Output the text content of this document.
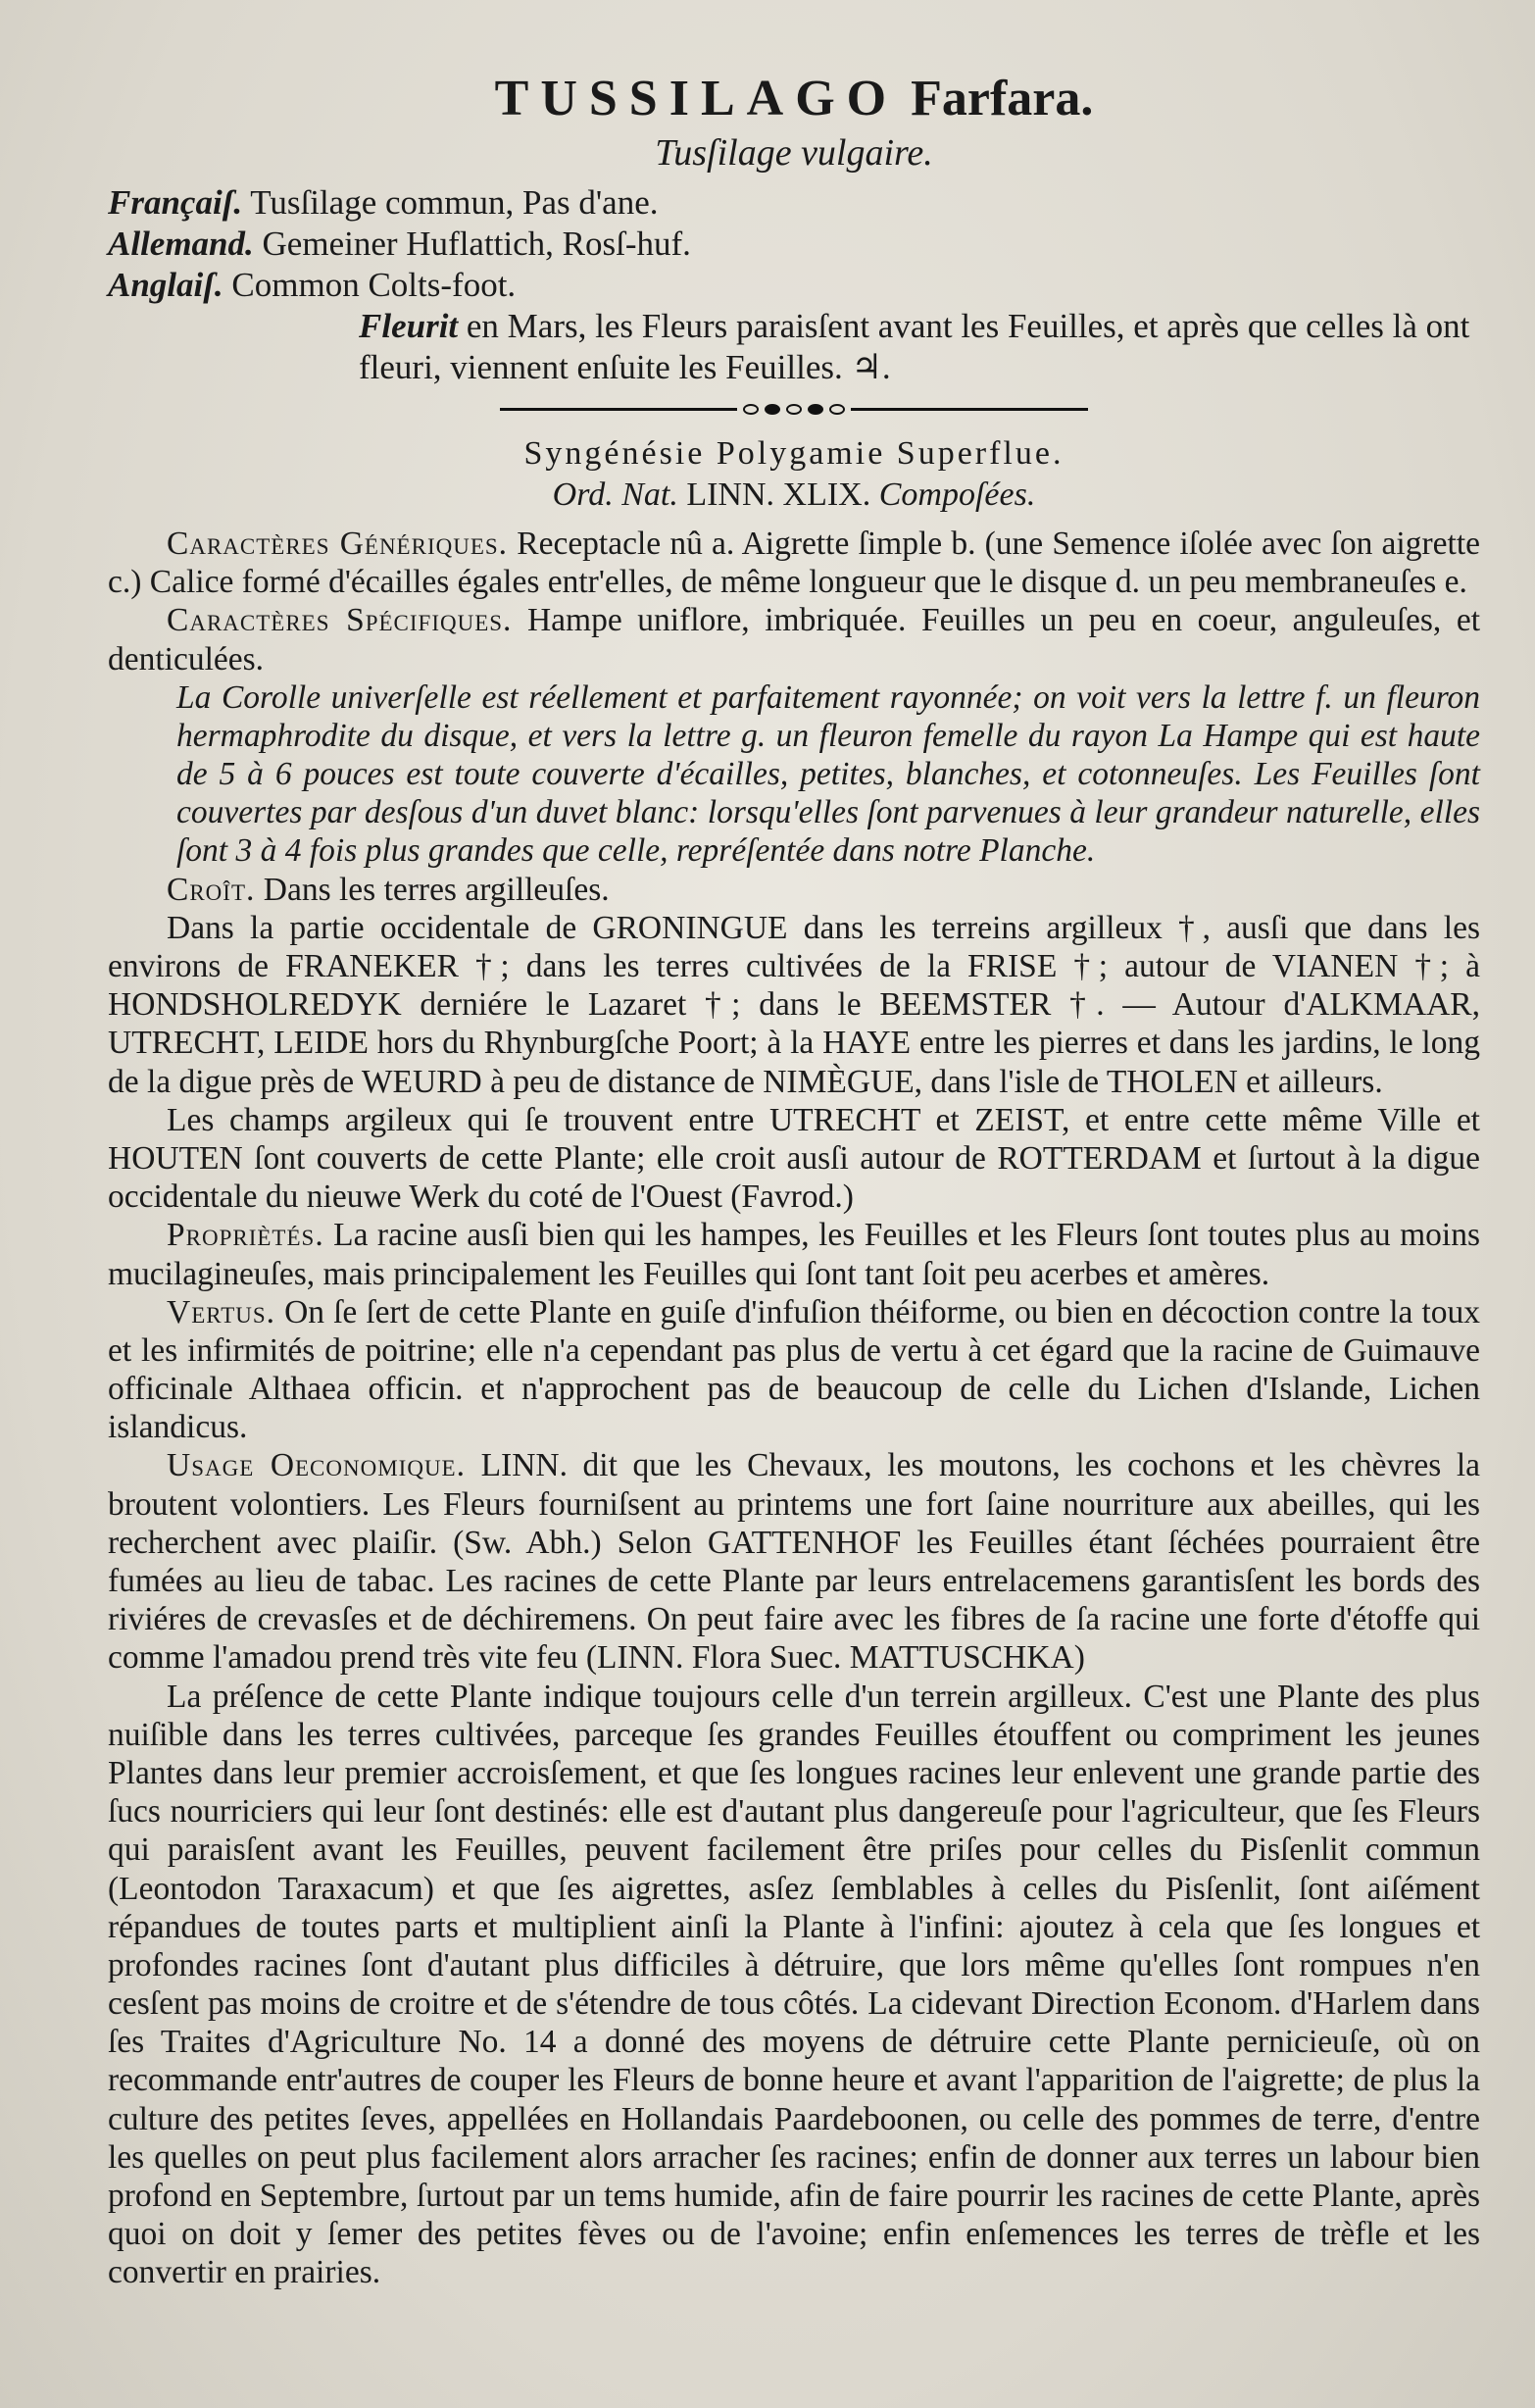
TUSSILAGO Farfara.
Tusſilage vulgaire.
Françaiſ. Tusſilage commun, Pas d'ane.
Allemand. Gemeiner Huflattich, Rosſ-huf.
Anglaiſ. Common Colts-foot.
Fleurit en Mars, les Fleurs paraisſent avant les Feuilles, et après que celles là ont fleuri, viennent enſuite les Feuilles. ♃.
Syngénésie Polygamie Superflue.
Ord. Nat. LINN. XLIX. Compoſées.

Caractères Génériques. Receptacle nû a. Aigrette ſimple b. (une Semence iſolée avec ſon aigrette c.) Calice formé d'écailles égales entr'elles, de même longueur que le disque d. un peu membraneuſes e.

Caractères Spécifiques. Hampe uniflore, imbriquée. Feuilles un peu en coeur, anguleuſes, et denticulées.

La Corolle univerſelle est réellement et parfaitement rayonnée; on voit vers la lettre f. un fleuron hermaphrodite du disque, et vers la lettre g. un fleuron femelle du rayon La Hampe qui est haute de 5 à 6 pouces est toute couverte d'écailles, petites, blanches, et cotonneuſes. Les Feuilles ſont couvertes par desſous d'un duvet blanc: lorsqu'elles ſont parvenues à leur grandeur naturelle, elles ſont 3 à 4 fois plus grandes que celle, repréſentée dans notre Planche.

Croît. Dans les terres argilleuſes.

Dans la partie occidentale de GRONINGUE dans les terreins argilleux †, ausſi que dans les environs de FRANEKER †; dans les terres cultivées de la FRISE †; autour de VIANEN †; à HONDSHOLREDYK derniére le Lazaret †; dans le BEEMSTER †. — Autour d'ALKMAAR, UTRECHT, LEIDE hors du Rhynburgſche Poort; à la HAYE entre les pierres et dans les jardins, le long de la digue près de WEURD à peu de distance de NIMÈGUE, dans l'isle de THOLEN et ailleurs.

Les champs argileux qui ſe trouvent entre UTRECHT et ZEIST, et entre cette même Ville et HOUTEN ſont couverts de cette Plante; elle croit ausſi autour de ROTTERDAM et ſurtout à la digue occidentale du nieuwe Werk du coté de l'Ouest (Favrod.)

Propriètés. La racine ausſi bien qui les hampes, les Feuilles et les Fleurs ſont toutes plus au moins mucilagineuſes, mais principalement les Feuilles qui ſont tant ſoit peu acerbes et amères.

Vertus. On ſe ſert de cette Plante en guiſe d'infuſion théiforme, ou bien en décoction contre la toux et les infirmités de poitrine; elle n'a cependant pas plus de vertu à cet égard que la racine de Guimauve officinale Althaea officin. et n'approchent pas de beaucoup de celle du Lichen d'Islande, Lichen islandicus.

Usage Oeconomique. LINN. dit que les Chevaux, les moutons, les cochons et les chèvres la broutent volontiers. Les Fleurs fourniſsent au printems une fort ſaine nourriture aux abeilles, qui les recherchent avec plaiſir. (Sw. Abh.) Selon GATTENHOF les Feuilles étant ſéchées pourraient être fumées au lieu de tabac. Les racines de cette Plante par leurs entrelacemens garantisſent les bords des riviéres de crevasſes et de déchiremens. On peut faire avec les fibres de ſa racine une forte d'étoffe qui comme l'amadou prend très vite feu (LINN. Flora Suec. MATTUSCHKA)

La préſence de cette Plante indique toujours celle d'un terrein argilleux. C'est une Plante des plus nuiſible dans les terres cultivées, parceque ſes grandes Feuilles étouffent ou compriment les jeunes Plantes dans leur premier accroisſement, et que ſes longues racines leur enlevent une grande partie des ſucs nourriciers qui leur ſont destinés: elle est d'autant plus dangereuſe pour l'agriculteur, que ſes Fleurs qui paraisſent avant les Feuilles, peuvent facilement être priſes pour celles du Pisſenlit commun (Leontodon Taraxacum) et que ſes aigrettes, asſez ſemblables à celles du Pisſenlit, ſont aiſément répandues de toutes parts et multiplient ainſi la Plante à l'infini: ajoutez à cela que ſes longues et profondes racines ſont d'autant plus difficiles à détruire, que lors même qu'elles ſont rompues n'en cesſent pas moins de croitre et de s'étendre de tous côtés. La cidevant Direction Econom. d'Harlem dans ſes Traites d'Agriculture No. 14 a donné des moyens de détruire cette Plante pernicieuſe, où on recommande entr'autres de couper les Fleurs de bonne heure et avant l'apparition de l'aigrette; de plus la culture des petites ſeves, appellées en Hollandais Paardeboonen, ou celle des pommes de terre, d'entre les quelles on peut plus facilement alors arracher ſes racines; enfin de donner aux terres un labour bien profond en Septembre, ſurtout par un tems humide, afin de faire pourrir les racines de cette Plante, après quoi on doit y ſemer des petites fèves ou de l'avoine; enfin enſemences les terres de trèfle et les convertir en prairies.
